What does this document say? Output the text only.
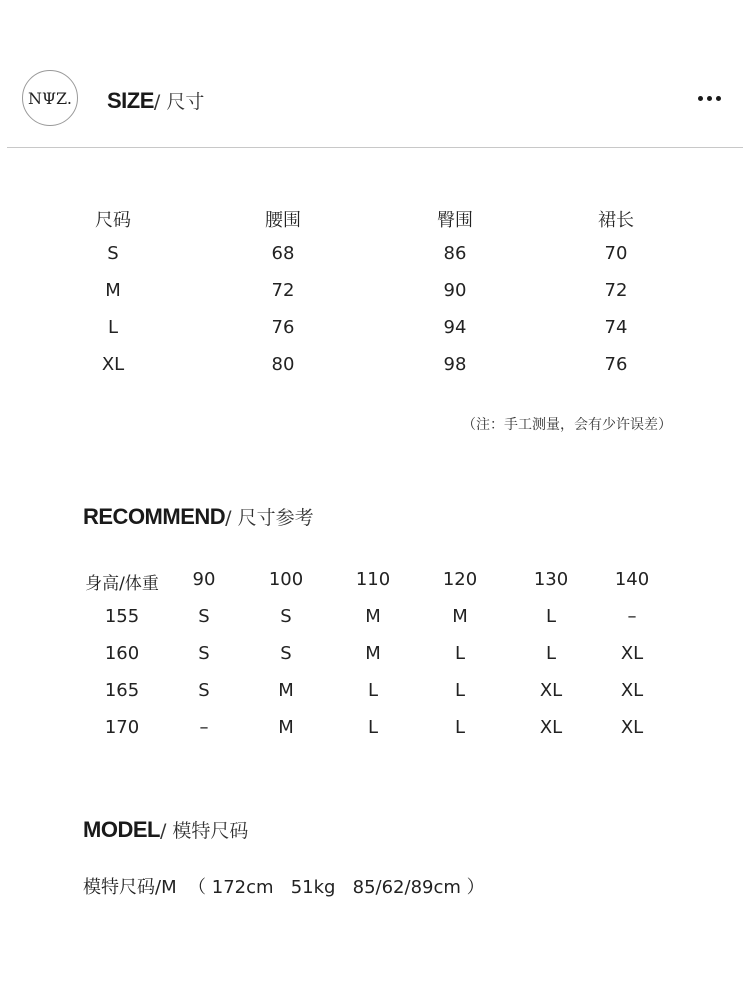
NΨZ. SIZE/ 尺寸
尺码	腰围	臀围	裙长
S	68	86	70
M	72	90	72
L	76	94	74
XL	80	98	76
（注：手工测量，会有少许误差）
RECOMMEND/ 尺寸参考
身高/体重 90	100	110	120	130	140
155	S	S	M	M	L	–
160	S	S	M	L	L	XL
165	S	M	L	L	XL	XL
170	–	M	L	L	XL	XL
MODEL/ 模特尺码
模特尺码/M  （ 172cm   51kg   85/62/89cm ）
